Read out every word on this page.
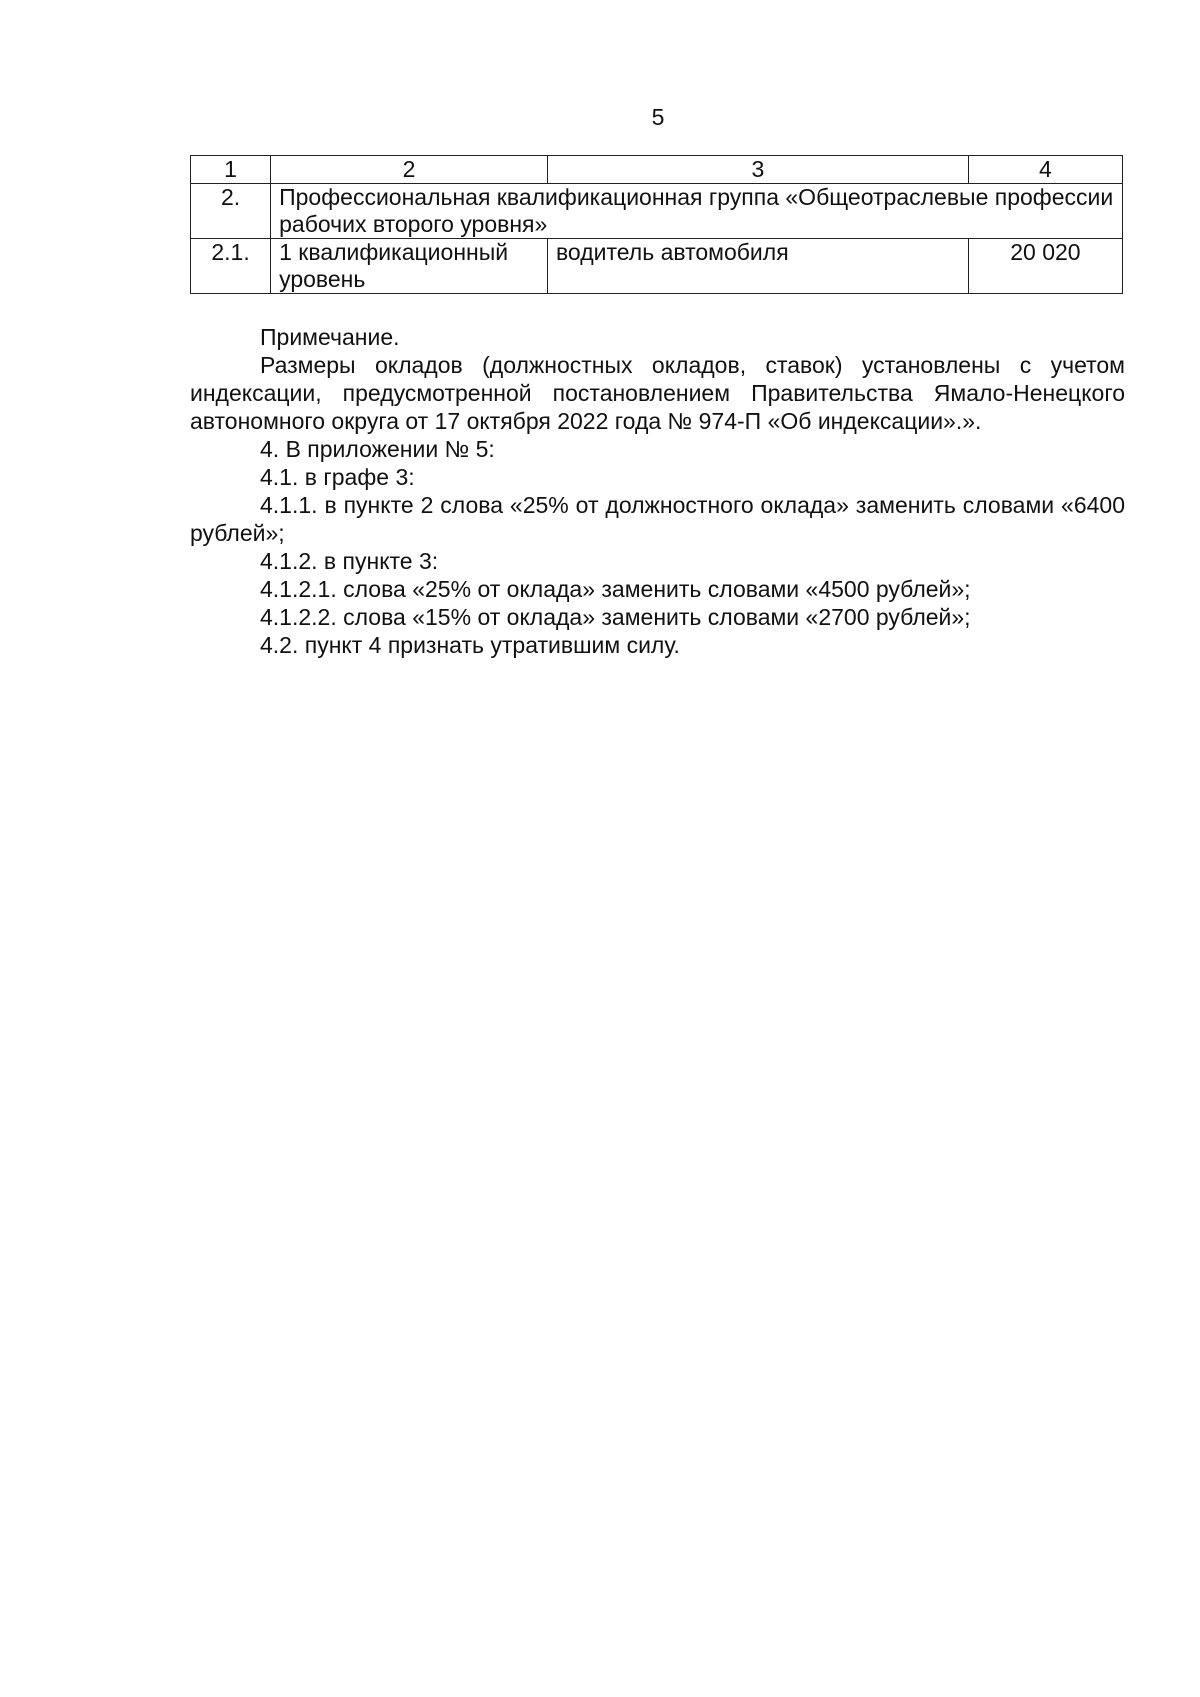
5
1	2	3	4
2.	Профессиональная квалификационная группа «Общеотраслевые профессии рабочих второго уровня»		
2.1.	1 квалификационный уровень	водитель автомобиля	20 020

Примечание.

Размеры окладов (должностных окладов, ставок) установлены с учетом индексации, предусмотренной постановлением Правительства Ямало-Ненецкого автономного округа от 17 октября 2022 года № 974-П «Об индексации».».

4. В приложении № 5:

4.1. в графе 3:

4.1.1. в пункте 2 слова «25% от должностного оклада» заменить словами «6400 рублей»;

4.1.2. в пункте 3:

4.1.2.1. слова «25% от оклада» заменить словами «4500 рублей»;

4.1.2.2. слова «15% от оклада» заменить словами «2700 рублей»;

4.2. пункт 4 признать утратившим силу.
